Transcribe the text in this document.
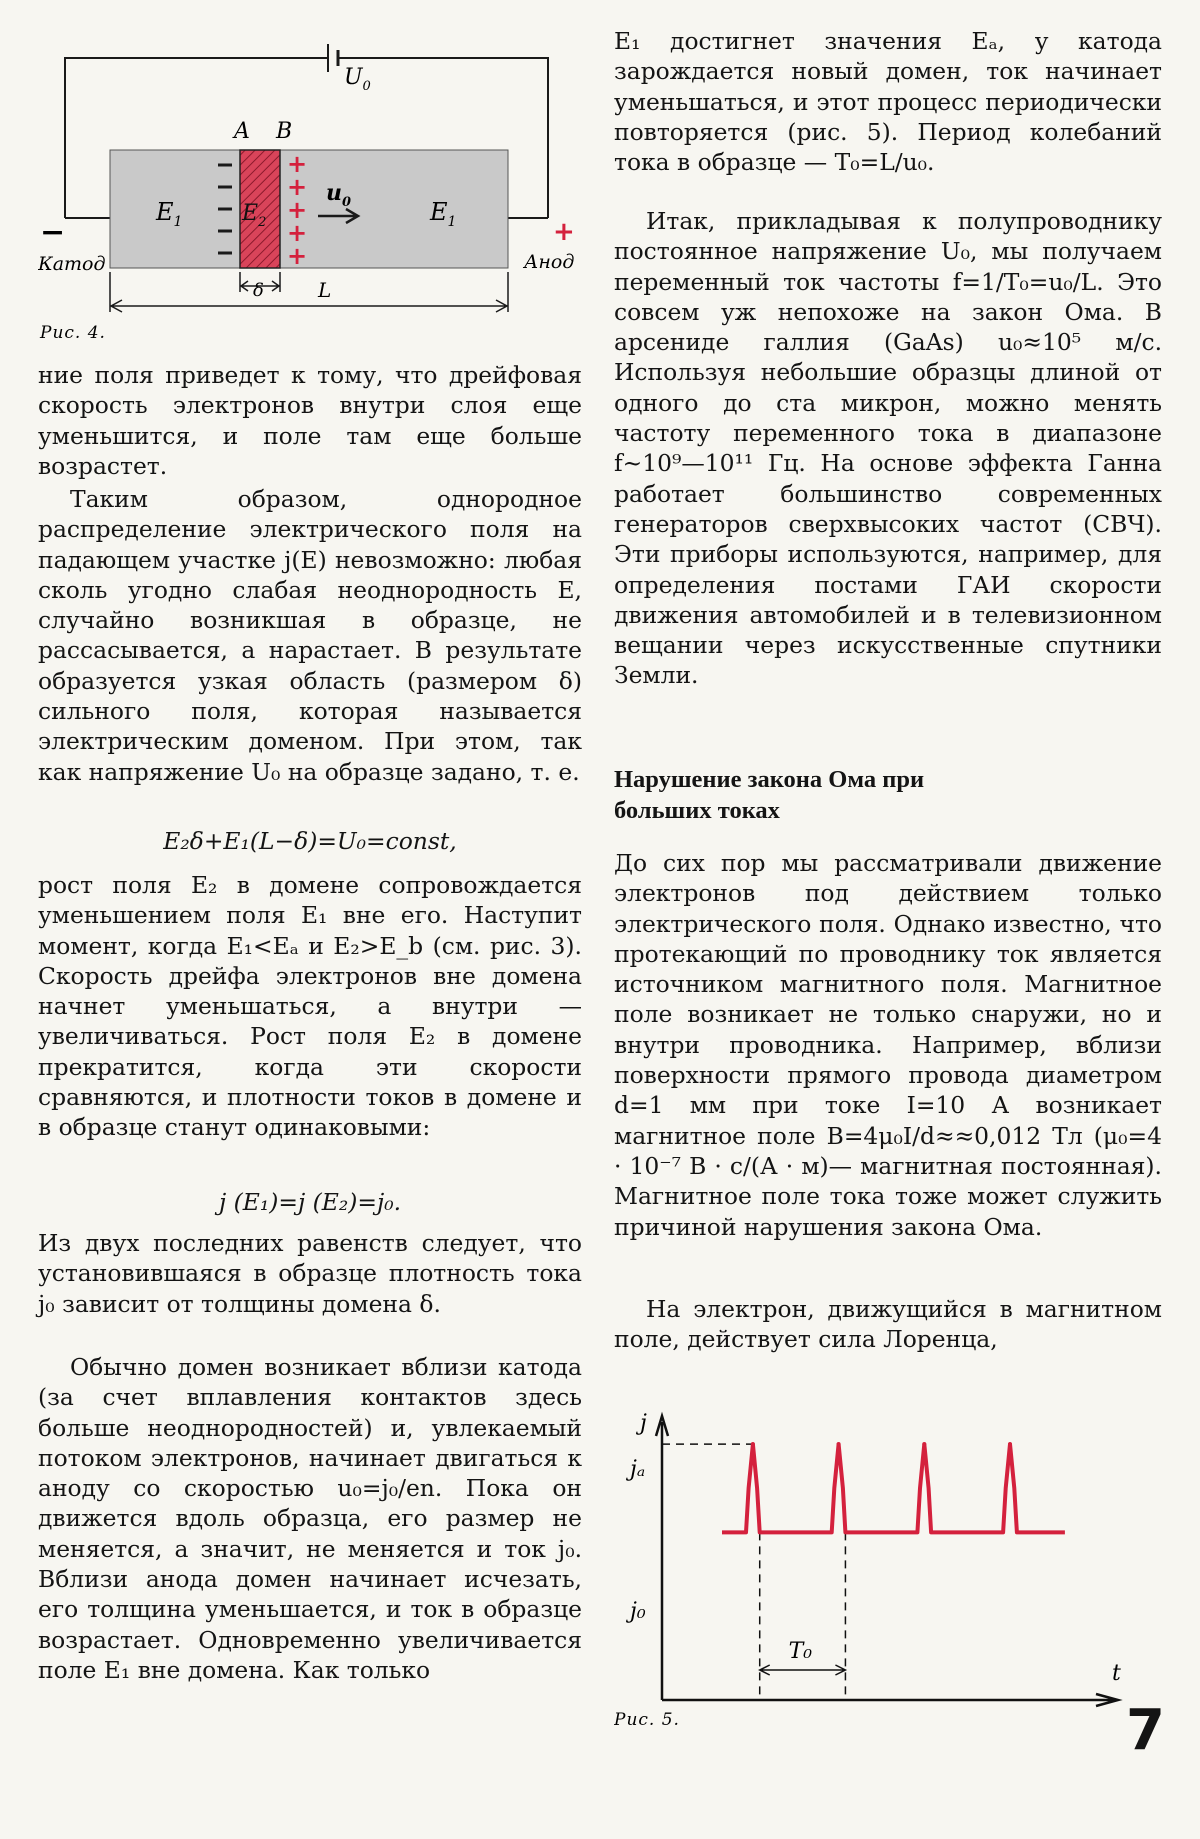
$U_0$
A B
+
+
+
+
+
$E_1$	$E_2$
$u_0$	$E_1$
−
Катод
+
Анод
δ	L
Рис. 4.

ние поля приведет к тому, что дрейфовая скорость электронов внутри слоя еще уменьшится, и поле там еще больше возрастет.

Таким образом, однородное распределение электрического поля на падающем участке j(E) невозможно: любая сколь угодно слабая неоднородность E, случайно возникшая в образце, не рассасывается, а нарастает. В результате образуется узкая область (размером δ) сильного поля, которая называется электрическим доменом. При этом, так как напряжение U₀ на образце задано, т. е.

E₂δ+E₁(L−δ)=U₀=const,

рост поля E₂ в домене сопровождается уменьшением поля E₁ вне его. Наступит момент, когда E₁<Eₐ и E₂>E_b (см. рис. 3). Скорость дрейфа электронов вне домена начнет уменьшаться, а внутри — увеличиваться. Рост поля E₂ в домене прекратится, когда эти скорости сравняются, и плотности токов в домене и в образце станут одинаковыми:

j (E₁)=j (E₂)=j₀.

Из двух последних равенств следует, что установившаяся в образце плотность тока j₀ зависит от толщины домена δ.

Обычно домен возникает вблизи катода (за счет вплавления контактов здесь больше неоднородностей) и, увлекаемый потоком электронов, начинает двигаться к аноду со скоростью u₀=j₀/en. Пока он движется вдоль образца, его размер не меняется, а значит, не меняется и ток j₀. Вблизи анода домен начинает исчезать, его толщина уменьшается, и ток в образце возрастает. Одновременно увеличивается поле E₁ вне домена. Как только

E₁ достигнет значения Eₐ, у катода зарождается новый домен, ток начинает уменьшаться, и этот процесс периодически повторяется (рис. 5). Период колебаний тока в образце — T₀=L/u₀.

Итак, прикладывая к полупроводнику постоянное напряжение U₀, мы получаем переменный ток частоты f=1/T₀=u₀/L. Это совсем уж непохоже на закон Ома. В арсениде галлия (GaAs) u₀≈10⁵ м/с. Используя небольшие образцы длиной от одного до ста микрон, можно менять частоту переменного тока в диапазоне f~10⁹—10¹¹ Гц. На основе эффекта Ганна работает большинство современных генераторов сверхвысоких частот (СВЧ). Эти приборы используются, например, для определения постами ГАИ скорости движения автомобилей и в телевизионном вещании через искусственные спутники Земли.

Нарушение закона Ома при больших токах

До сих пор мы рассматривали движение электронов под действием только электрического поля. Однако известно, что протекающий по проводнику ток является источником магнитного поля. Магнитное поле возникает не только снаружи, но и внутри проводника. Например, вблизи поверхности прямого провода диаметром d=1 мм при токе I=10 А возникает магнитное поле B=4μ₀I/d≈≈0,012 Тл (μ₀=4 · 10⁻⁷ В · с/(А · м)— магнитная постоянная). Магнитное поле тока тоже может служить причиной нарушения закона Ома.

На электрон, движущийся в магнитном поле, действует сила Лоренца,

j
t
jₐ
j₀
T₀
Рис. 5.	7
